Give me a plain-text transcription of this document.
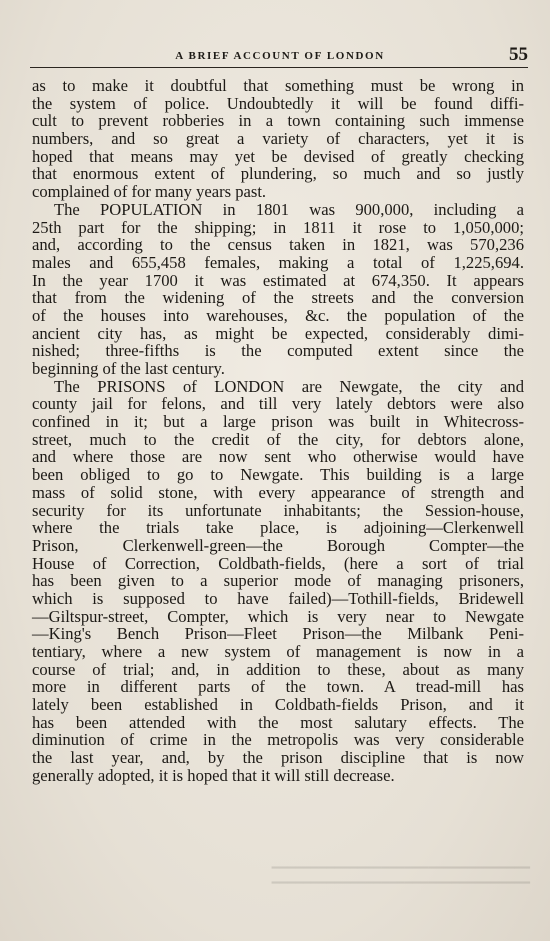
A BRIEF ACCOUNT OF LONDON	55
as to make it doubtful that something must be wrong in
the system of police. Undoubtedly it will be found diffi-
cult to prevent robberies in a town containing such immense
numbers, and so great a variety of characters, yet it is
hoped that means may yet be devised of greatly checking
that enormous extent of plundering, so much and so justly
complained of for many years past.
The POPULATION in 1801 was 900,000, including a
25th part for the shipping; in 1811 it rose to 1,050,000;
and, according to the census taken in 1821, was 570,236
males and 655,458 females, making a total of 1,225,694.
In the year 1700 it was estimated at 674,350. It appears
that from the widening of the streets and the conversion
of the houses into warehouses, &c. the population of the
ancient city has, as might be expected, considerably dimi-
nished; three-fifths is the computed extent since the
beginning of the last century.
The PRISONS of LONDON are Newgate, the city and
county jail for felons, and till very lately debtors were also
confined in it; but a large prison was built in Whitecross-
street, much to the credit of the city, for debtors alone,
and where those are now sent who otherwise would have
been obliged to go to Newgate. This building is a large
mass of solid stone, with every appearance of strength and
security for its unfortunate inhabitants; the Session-house,
where the trials take place, is adjoining—Clerkenwell
Prison, Clerkenwell-green—the Borough Compter—the
House of Correction, Coldbath-fields, (here a sort of trial
has been given to a superior mode of managing prisoners,
which is supposed to have failed)—Tothill-fields, Bridewell
—Giltspur-street, Compter, which is very near to Newgate
—King's Bench Prison—Fleet Prison—the Milbank Peni-
tentiary, where a new system of management is now in a
course of trial; and, in addition to these, about as many
more in different parts of the town. A tread-mill has
lately been established in Coldbath-fields Prison, and it
has been attended with the most salutary effects. The
diminution of crime in the metropolis was very considerable
the last year, and, by the prison discipline that is now
generally adopted, it is hoped that it will still decrease.
━━━━━━━━━━━━━━━━━━━━━━━━━━━━━━━━━
━━━━━━━━━━━━━━━━━━━━━━━━━━━━━━━━━
